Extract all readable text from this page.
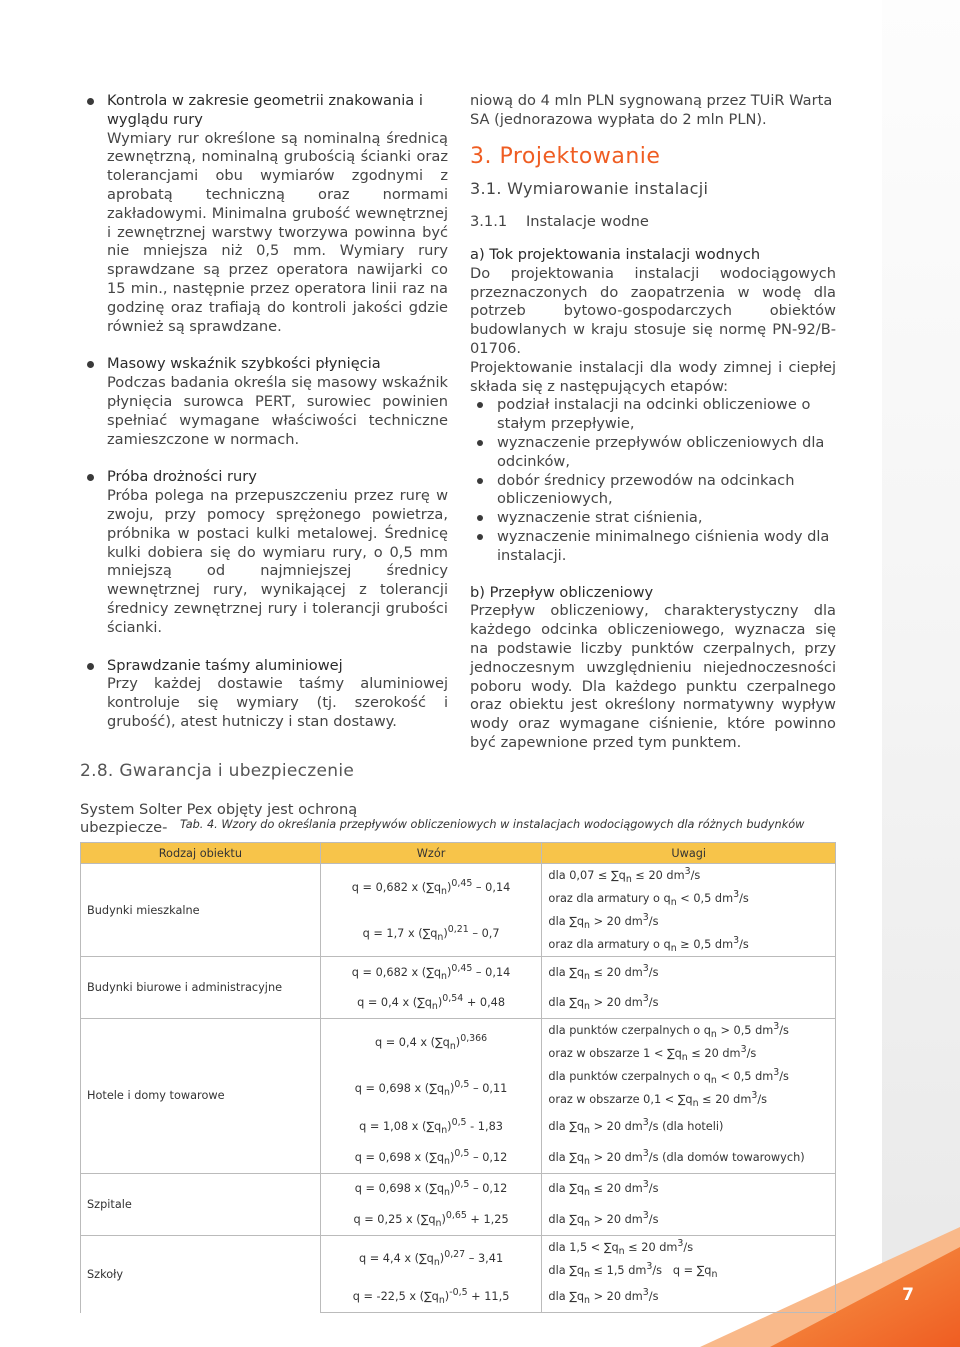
7
Kontrola w zakresie geometrii znakowania i wyglądu rury
Wymiary rur określone są nominalną średnicą zewnętrzną, nominalną grubością ścianki oraz tolerancjami obu wymiarów zgodnymi z aprobatą techniczną oraz normami zakładowymi. Minimalna grubość wewnętrznej i zewnętrznej warstwy tworzywa powinna być nie mniejsza niż 0,5 mm. Wymiary rury sprawdzane są przez operatora nawijarki co 15 min., następnie przez operatora linii raz na godzinę oraz trafiają do kontroli jakości gdzie również są sprawdzane.
Masowy wskaźnik szybkości płynięcia
Podczas badania określa się masowy wskaźnik płynięcia surowca PERT, surowiec powinien spełniać wymagane właściwości techniczne zamieszczone w normach.
Próba drożności rury
Próba polega na przepuszczeniu przez rurę w zwoju, przy pomocy sprężonego powietrza, próbnika w postaci kulki metalowej. Średnicę kulki dobiera się do wymiaru rury, o 0,5 mm mniejszą od najmniejszej średnicy wewnętrznej rury, wynikającej z tolerancji średnicy zewnętrznej rury i tolerancji grubości ścianki.
Sprawdzanie taśmy aluminiowej
Przy każdej dostawie taśmy aluminiowej kontroluje się wymiary (tj. szerokość i grubość), atest hutniczy i stan dostawy.
2.8. Gwarancja i ubezpieczenie
System Solter Pex objęty jest ochroną ubezpiecze-
niową do 4 mln PLN sygnowaną przez TUiR Warta SA (jednorazowa wypłata do 2 mln PLN).
3. Projektowanie
3.1. Wymiarowanie instalacji
3.1.1 Instalacje wodne
a) Tok projektowania instalacji wodnych
Do projektowania instalacji wodociągowych przeznaczonych do zaopatrzenia w wodę dla potrzeb bytowo-gospodarczych obiektów budowlanych w kraju stosuje się normę PN-92/B-01706.
Projektowanie instalacji dla wody zimnej i ciepłej składa się z następujących etapów:
podział instalacji na odcinki obliczeniowe o stałym przepływie,
wyznaczenie przepływów obliczeniowych dla odcinków,
dobór średnicy przewodów na odcinkach obliczeniowych,
wyznaczenie strat ciśnienia,
wyznaczenie minimalnego ciśnienia wody dla instalacji.
b) Przepływ obliczeniowy
Przepływ obliczeniowy, charakterystyczny dla każdego odcinka obliczeniowego, wyznacza się na podstawie liczby punktów czerpalnych, przy jednoczesnym uwzględnieniu niejednoczesności poboru wody. Dla każdego punktu czerpalnego oraz obiektu jest określony normatywny wypływ wody oraz wymagane ciśnienie, które powinno być zapewnione przed tym punktem.
Tab. 4. Wzory do określania przepływów obliczeniowych w instalacjach wodociągowych dla różnych budynków
Rodzaj obiektu	Wzór	Uwagi
Budynki mieszkalne	q = 0,682 x $(\sum q_n)^{0,45} - 0,14$	dla $0,07 \le \sum q_n \le 20$ $dm^3/s$
oraz dla armatury o $q_n < 0,5$ $dm^3/s$
	q = 1,7 x $(\sum q_n)^{0,21} - 0,7$	dla $\sum q_n > 20$ $dm^3/s$
oraz dla armatury o $q_n \ge 0,5$ $dm^3/s$
Budynki biurowe i administracyjne	q = 0,682 x $(\sum q_n)^{0,45} - 0,14$	dla $\sum q_n \le 20$ $dm^3/s$
	q = 0,4 x $(\sum q_n)^{0,54} + 0,48$	dla $\sum q_n > 20$ $dm^3/s$
Hotele i domy towarowe	q = 0,4 x $(\sum q_n)^{0,366}$	dla punktów czerpalnych o $q_n > 0,5$ $dm^3/s$
oraz w obszarze $1 < \sum q_n \le 20$ $dm^3/s$
	q = 0,698 x $(\sum q_n)^{0,5} - 0,11$	dla punktów czerpalnych o $q_n < 0,5$ $dm^3/s$
oraz w obszarze $0,1 < \sum q_n \le 20$ $dm^3/s$
	q = 1,08 x $(\sum q_n)^{0,5} - 1,83$	dla $\sum q_n > 20$ $dm^3/s$ (dla hoteli)
	q = 0,698 x $(\sum q_n)^{0,5} - 0,12$	dla $\sum q_n > 20$ $dm^3/s$ (dla domów towarowych)
Szpitale	q = 0,698 x $(\sum q_n)^{0,5} - 0,12$	dla $\sum q_n \le 20$ $dm^3/s$
	q = 0,25 x $(\sum q_n)^{0,65} + 1,25$	dla $\sum q_n > 20$ $dm^3/s$
Szkoły	q = 4,4 x $(\sum q_n)^{0,27} - 3,41$	dla $1,5 < \sum q_n \le 20$ $dm^3/s$
dla $\sum q_n \le 1,5$ $dm^3/s$   $q = \sum q_n$
	q = -22,5 x $(\sum q_n)^{-0,5} + 11,5$	dla $\sum q_n > 20$ $dm^3/s$
